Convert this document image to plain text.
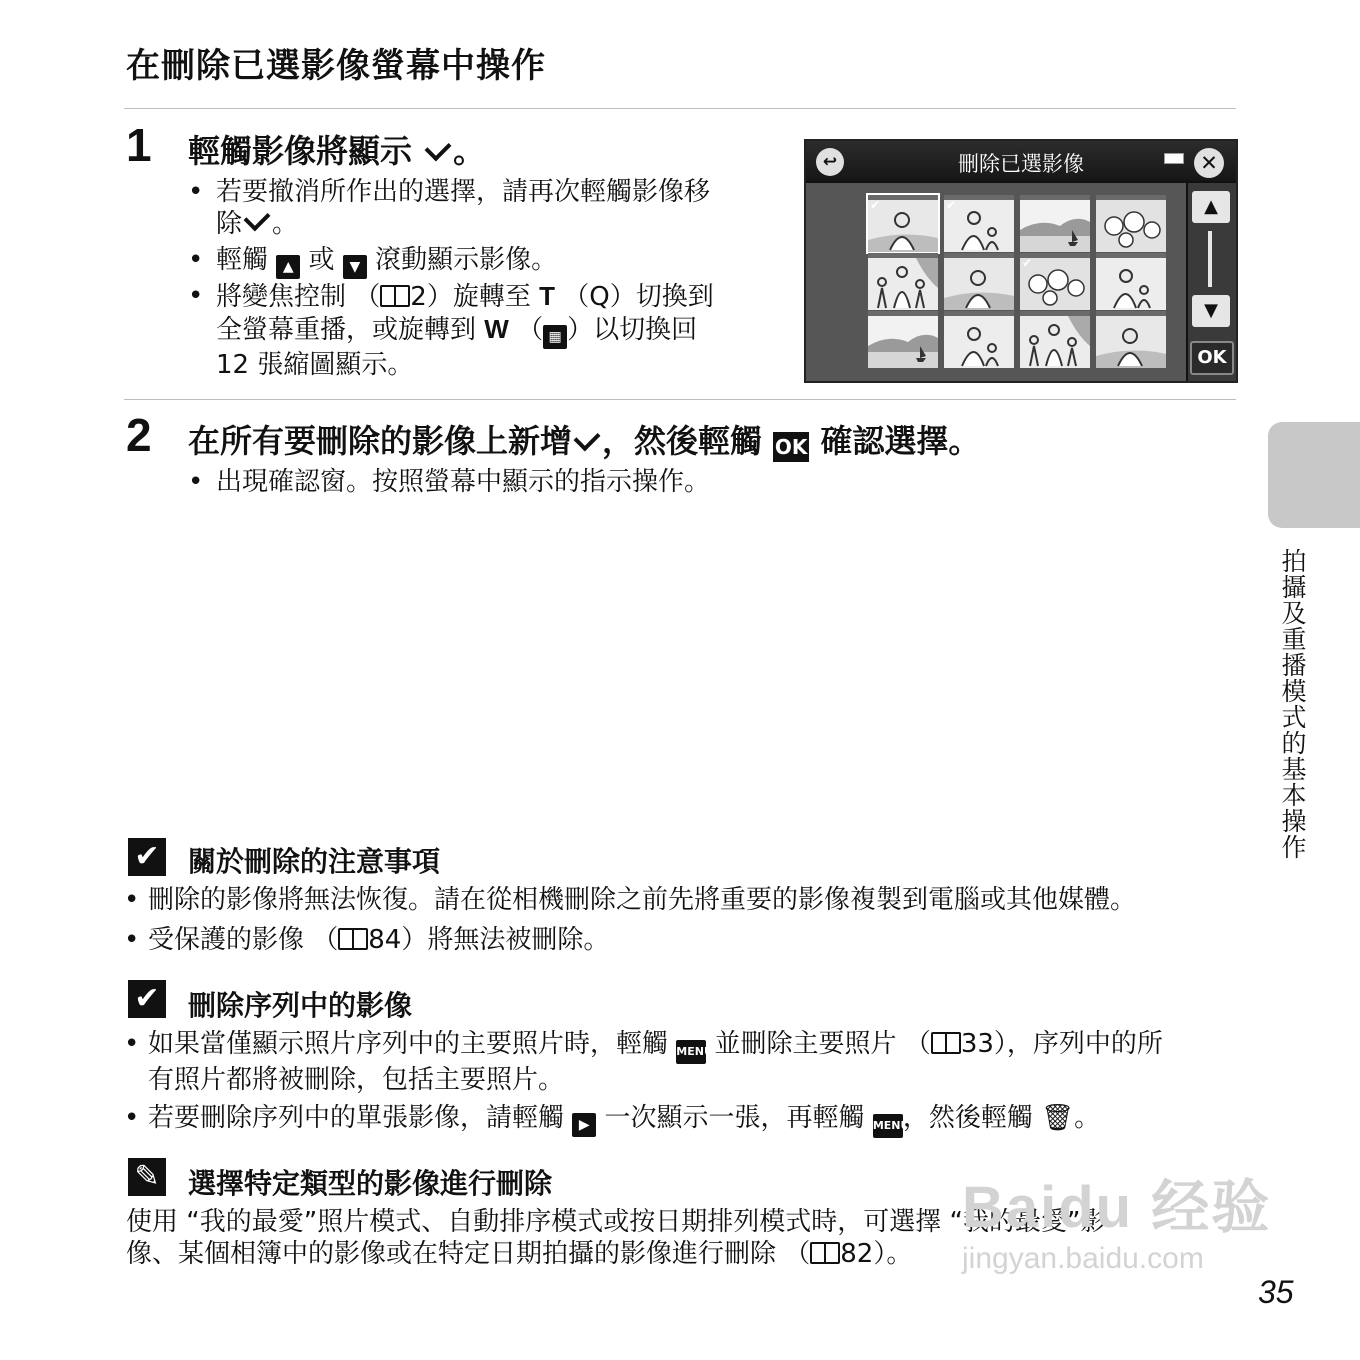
在刪除已選影像螢幕中操作
1 輕觸影像將顯示 。
• 若要撤消所作出的選擇，請再次輕觸影像移
除 。
• 輕觸 ▲ 或 ▼ 滾動顯示影像。
• 將變焦控制 （ 2）旋轉至 T （Q）切換到
全螢幕重播，或旋轉到 W （ ▦ ）以切換回
12 張縮圖顯示。
刪除已選影像
↩	✕
✔	✔
✔
▲
▼
OK
2 在所有要刪除的影像上新增 ，然後輕觸 OK 確認選擇。
• 出現確認窗。按照螢幕中顯示的指示操作。
拍攝及重播模式的基本操作
✔ 關於刪除的注意事項
• 刪除的影像將無法恢復。請在從相機刪除之前先將重要的影像複製到電腦或其他媒體。
• 受保護的影像 （ 84）將無法被刪除。
✔ 刪除序列中的影像
• 如果當僅顯示照片序列中的主要照片時，輕觸 MENU 並刪除主要照片 （ 33），序列中的所
有照片都將被刪除，包括主要照片。
• 若要刪除序列中的單張影像，請輕觸 ▶ 一次顯示一張，再輕觸 MENU，然後輕觸 🗑。
✎ 選擇特定類型的影像進行刪除
使用 “我的最愛”照片模式、自動排序模式或按日期排列模式時，可選擇 “我的最愛”影
像、某個相簿中的影像或在特定日期拍攝的影像進行刪除 （ 82）。
Baidu 经验
jingyan.baidu.com
35
